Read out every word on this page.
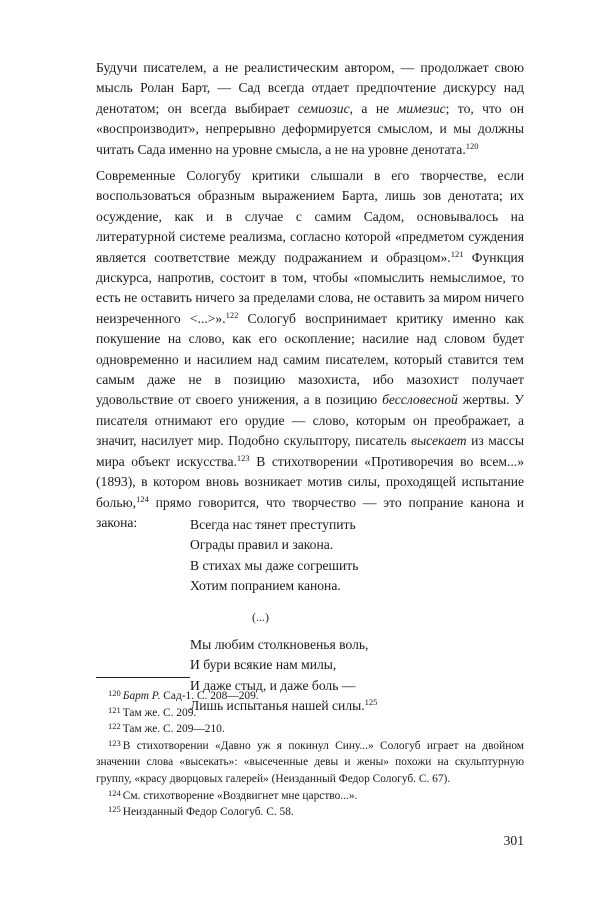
Будучи писателем, а не реалистическим автором, — продолжает свою мысль Ролан Барт, — Сад всегда отдает предпочтение дискурсу над денотатом; он всегда выбирает семиозис, а не мимезис; то, что он «воспроизводит», непрерывно деформируется смыслом, и мы должны читать Сада именно на уровне смысла, а не на уровне денотата.$^{120}$

Современные Сологубу критики слышали в его творчестве, если воспользоваться образным выражением Барта, лишь зов денотата; их осуждение, как и в случае с самим Садом, основывалось на литературной системе реализма, согласно которой «предметом суждения является соответствие между подражанием и образцом».$^{121}$ Функция дискурса, напротив, состоит в том, чтобы «помыслить немыслимое, то есть не оставить ничего за пределами слова, не оставить за миром ничего неизреченного <...>».$^{122}$ Сологуб воспринимает критику именно как покушение на слово, как его оскопление; насилие над словом будет одновременно и насилием над самим писателем, который ставится тем самым даже не в позицию мазохиста, ибо мазохист получает удовольствие от своего унижения, а в позицию бессловесной жертвы. У писателя отнимают его орудие — слово, которым он преображает, а значит, насилует мир. Подобно скульптору, писатель высекает из массы мира объект искусства.$^{123}$ В стихотворении «Противоречия во всем...» (1893), в котором вновь возникает мотив силы, проходящей испытание болью,$^{124}$ прямо говорится, что творчество — это попрание канона и закона:	Всегда нас тянет преступить
Ограды правил и закона.
В стихах мы даже согрешить
Хотим попранием канона.
(...)
Мы любим столкновенья воль,
И бури всякие нам милы,
И даже стыд, и даже боль —
Лишь испытанья нашей силы.$^{125}$

$^{120}$ Барт Р. Сад-1. С. 208—209.

$^{121}$ Там же. С. 209.

$^{122}$ Там же. С. 209—210.

$^{123}$ В стихотворении «Давно уж я покинул Сину...» Сологуб играет на двойном значении слова «высекать»: «высеченные девы и жены» похожи на скульптурную группу, «красу дворцовых галерей» (Неизданный Федор Сологуб. С. 67).

$^{124}$ См. стихотворение «Воздвигнет мне царство...».

$^{125}$ Неизданный Федор Сологуб. С. 58.

301
